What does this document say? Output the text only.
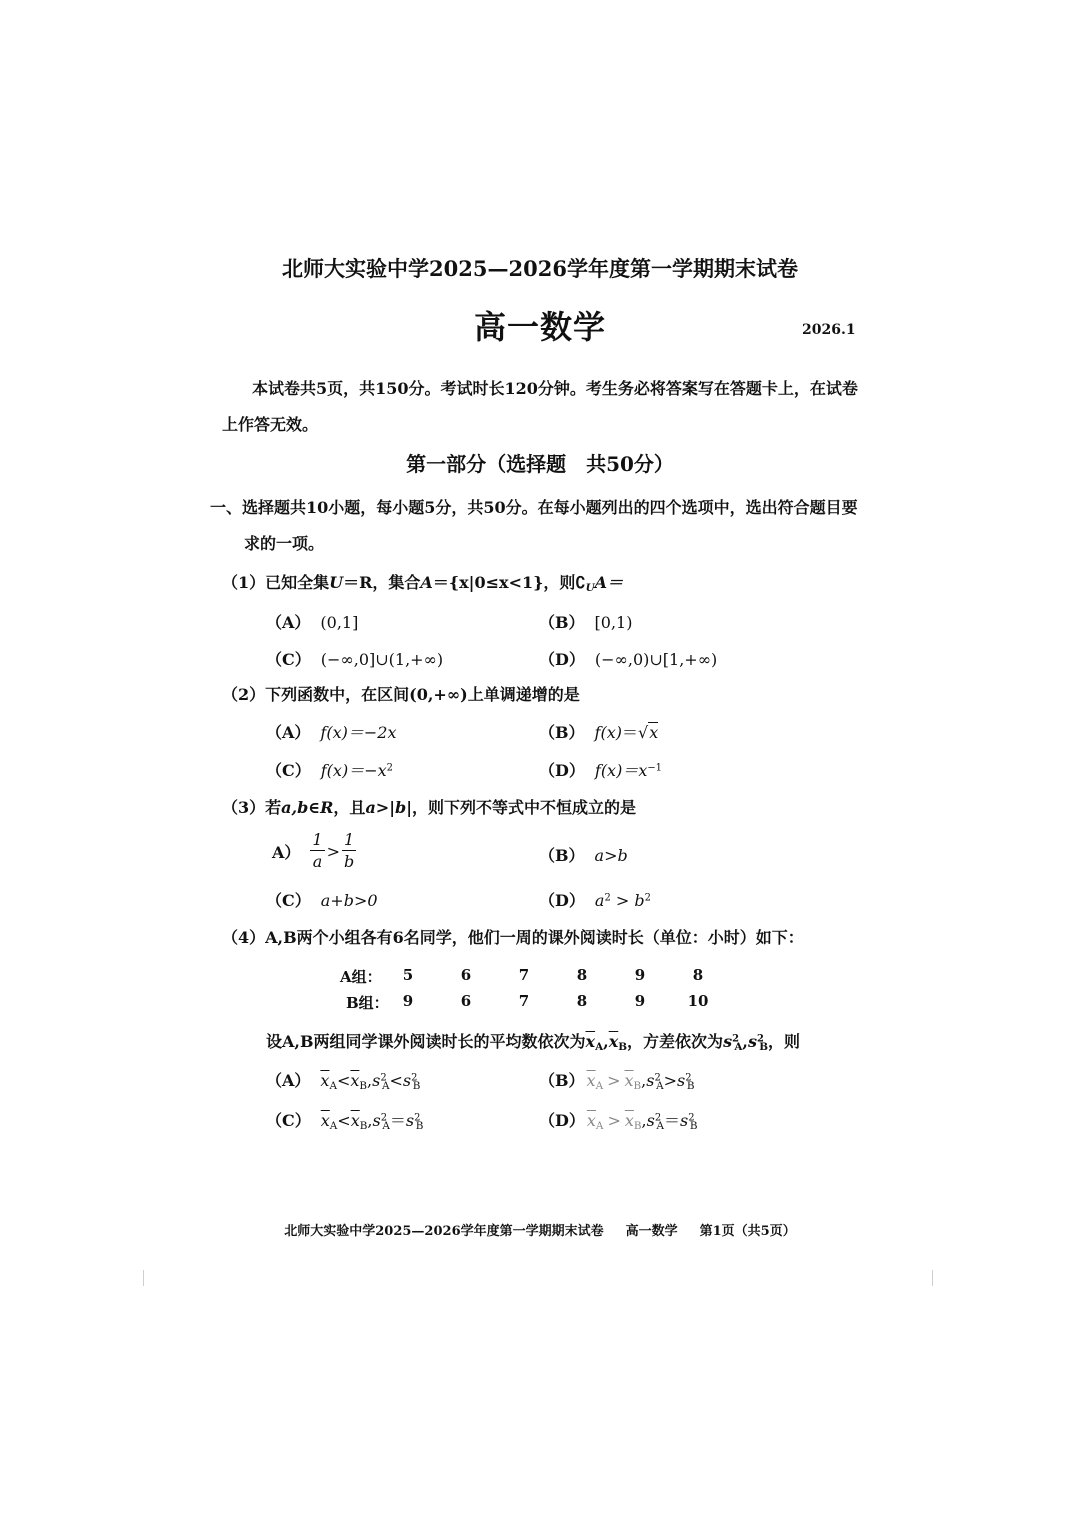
北师大实验中学2025—2026学年度第一学期期末试卷
高一数学	2026.1
本试卷共5页，共150分。考试时长120分钟。考生务必将答案写在答题卡上，在试卷
上作答无效。
第一部分（选择题　共50分）
一、选择题共10小题，每小题5分，共50分。在每小题列出的四个选项中，选出符合题目要
求的一项。
（1）已知全集U＝R，集合A＝{x|0≤x<1}，则$∁_UA=$
（A） (0,1]	（B） [0,1)
（C） (−∞,0]∪(1,+∞)	（D） (−∞,0)∪[1,+∞)
（2）下列函数中，在区间(0,+∞)上单调递增的是
（A） f(x)＝−2x	（B） f(x)＝√x
（C） $f(x)=-x^2$	（D） $f(x)=x^{-1}$
（3）若a,b∈R，且a>|b|，则下列不等式中不恒成立的是
$A) \frac{1}{a} > \frac{1}{b}$	（B） a>b
（C） a+b>0	（D） $a^2 > b^2$
（4）A,B两个小组各有6名同学，他们一周的课外阅读时长（单位：小时）如下：
A组：	5	6	7	8	9	8
B组： 9	6	7	8	9	10
设A,B两组同学课外阅读时长的平均数依次为$\overline{x}_A,\overline{x}_B$，方差依次为$s^2_A,s^2_B$，则
（A） $\overline{x}_A<\overline{x}_B,s^2_A<s^2_B$	（B） $\overline{x}_A > \overline{x}_B,s^2_A>s^2_B$
（C） $\overline{x}_A<\overline{x}_B,s^2_A=s^2_B$	（D） $\overline{x}_A > \overline{x}_B,s^2_A=s^2_B$
北师大实验中学2025—2026学年度第一学期期末试卷 高一数学 第1页（共5页）
